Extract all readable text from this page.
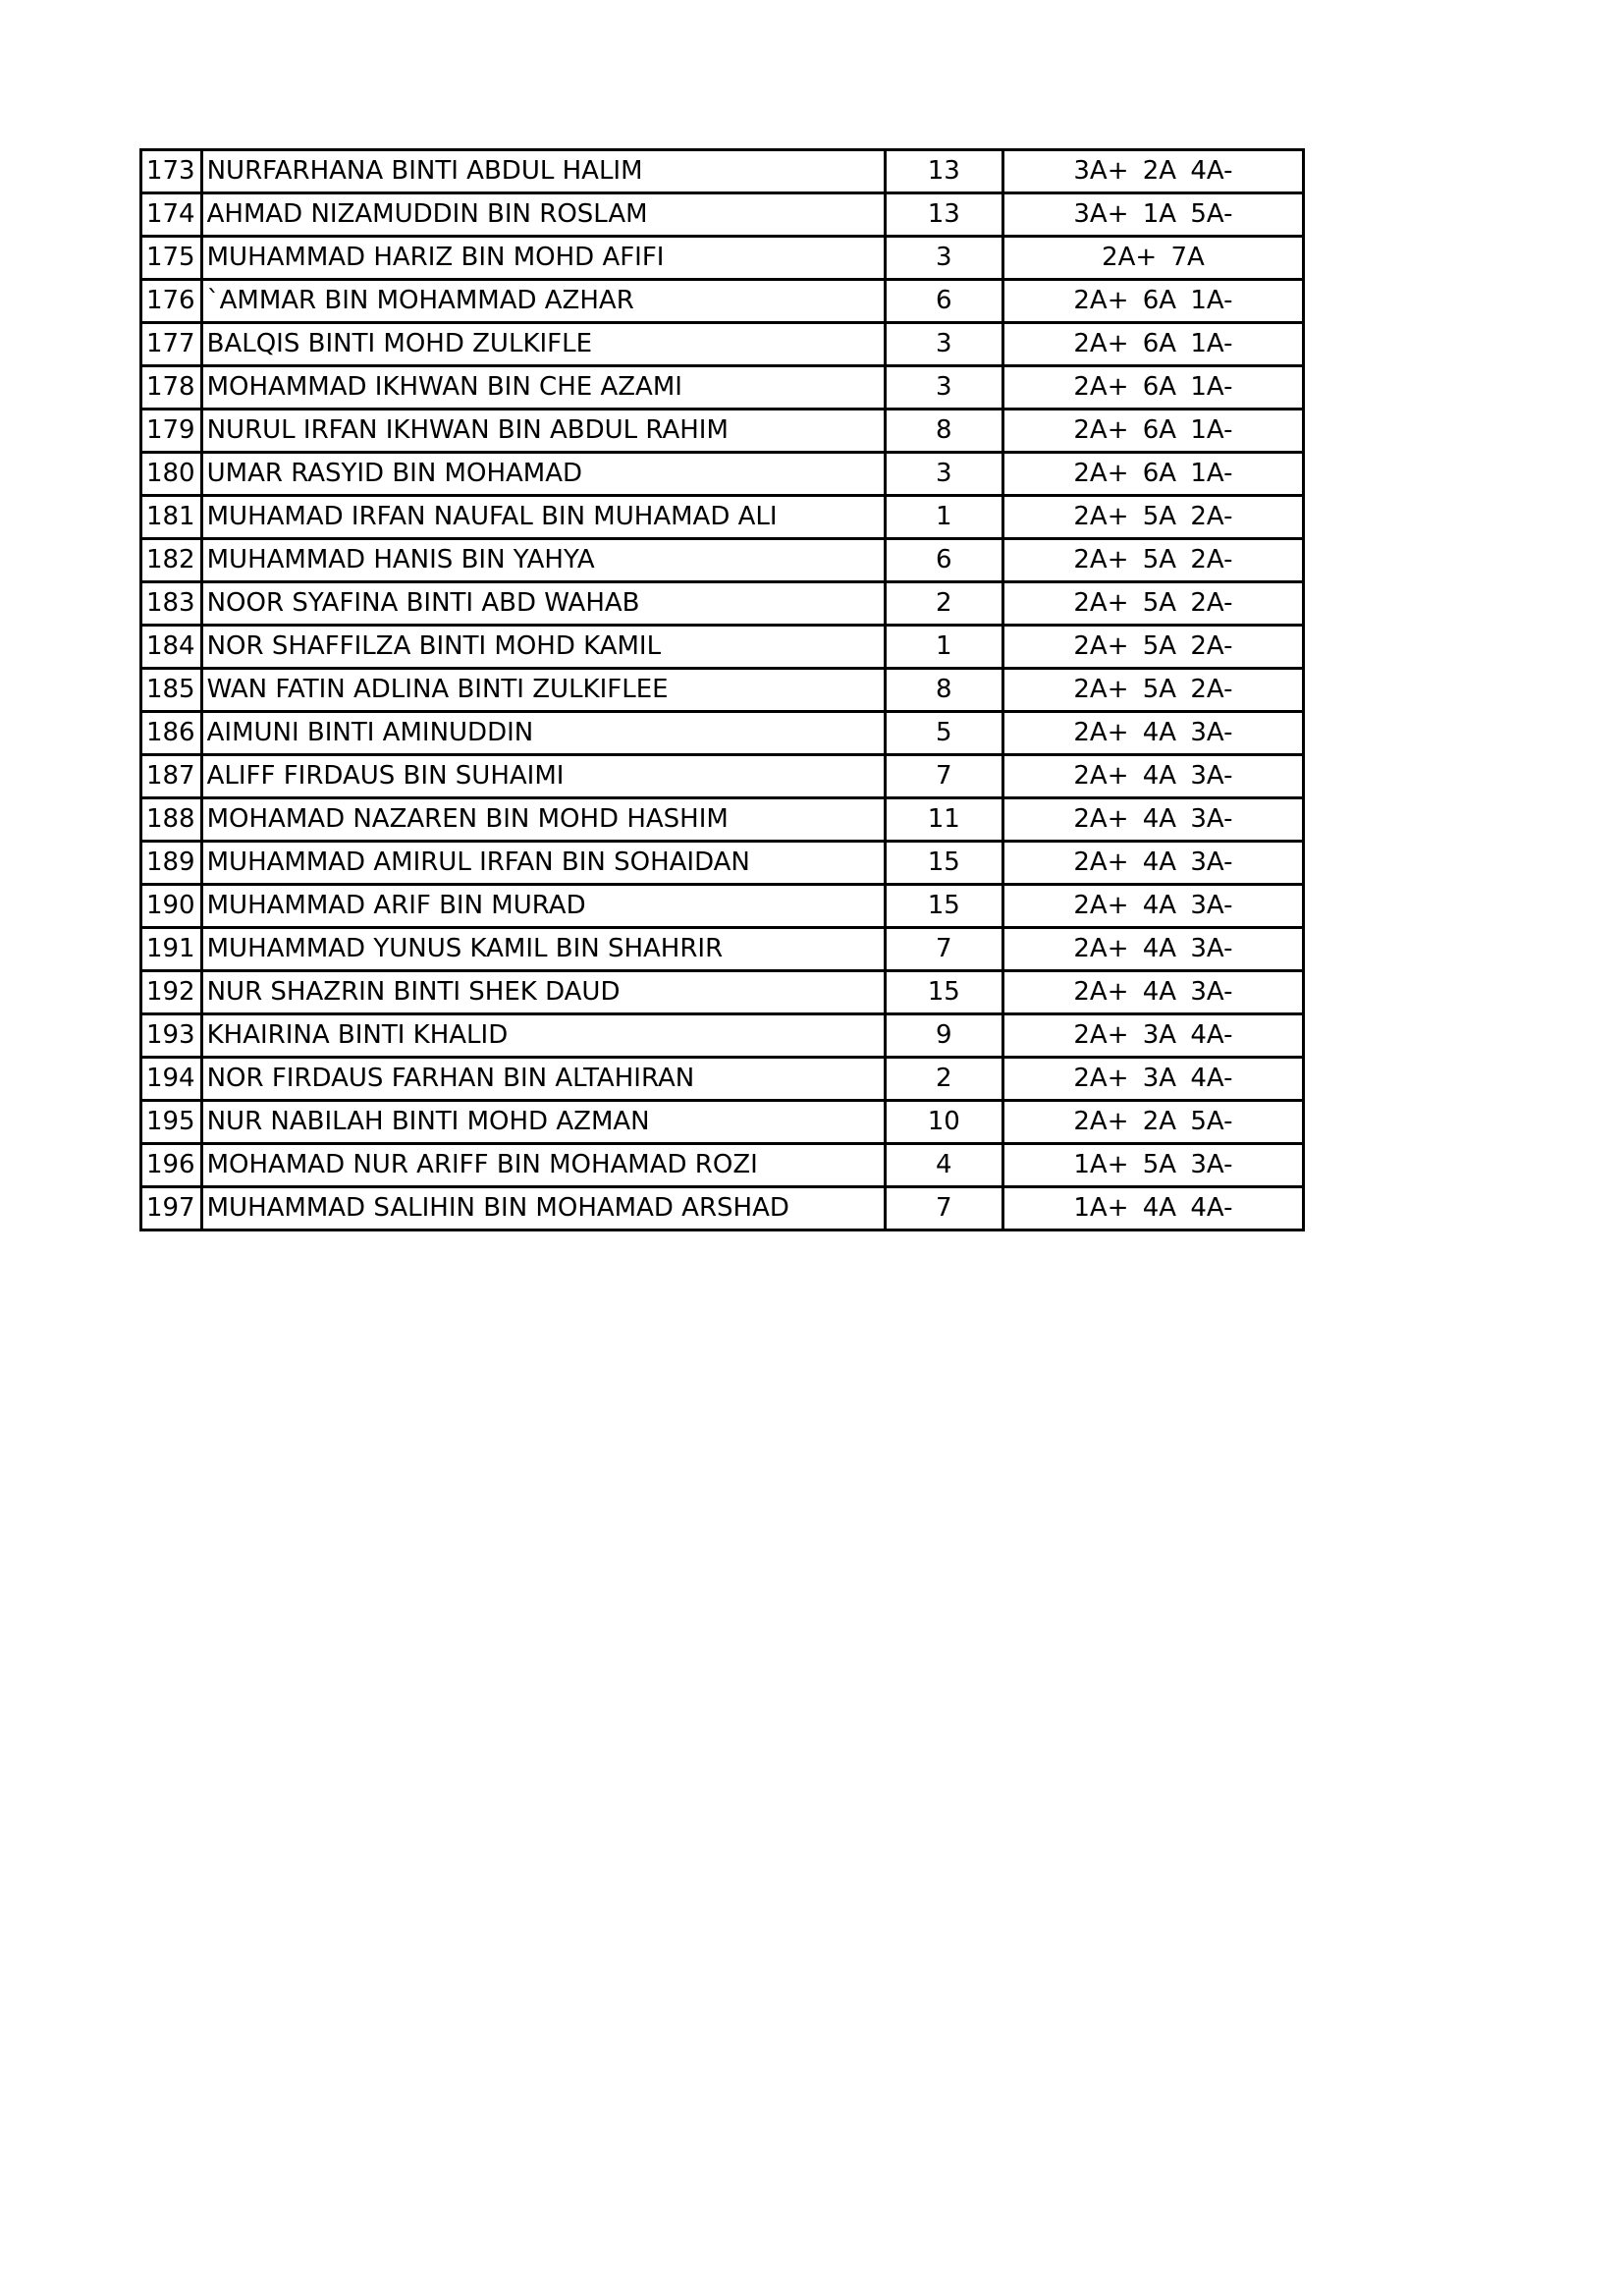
173	NURFARHANA BINTI ABDUL HALIM	13	3A+ 2A 4A-
174	AHMAD NIZAMUDDIN BIN ROSLAM	13	3A+ 1A 5A-
175	MUHAMMAD HARIZ BIN MOHD AFIFI	3	2A+ 7A
176	`AMMAR BIN MOHAMMAD AZHAR	6	2A+ 6A 1A-
177	BALQIS BINTI MOHD ZULKIFLE	3	2A+ 6A 1A-
178	MOHAMMAD IKHWAN BIN CHE AZAMI	3	2A+ 6A 1A-
179	NURUL IRFAN IKHWAN BIN ABDUL RAHIM	8	2A+ 6A 1A-
180	UMAR RASYID BIN MOHAMAD	3	2A+ 6A 1A-
181	MUHAMAD IRFAN NAUFAL BIN MUHAMAD ALI	1	2A+ 5A 2A-
182	MUHAMMAD HANIS BIN YAHYA	6	2A+ 5A 2A-
183	NOOR SYAFINA BINTI ABD WAHAB	2	2A+ 5A 2A-
184	NOR SHAFFILZA BINTI MOHD KAMIL	1	2A+ 5A 2A-
185	WAN FATIN ADLINA BINTI ZULKIFLEE	8	2A+ 5A 2A-
186	AIMUNI BINTI AMINUDDIN	5	2A+ 4A 3A-
187	ALIFF FIRDAUS BIN SUHAIMI	7	2A+ 4A 3A-
188	MOHAMAD NAZAREN BIN MOHD HASHIM	11	2A+ 4A 3A-
189	MUHAMMAD AMIRUL IRFAN BIN SOHAIDAN	15	2A+ 4A 3A-
190	MUHAMMAD ARIF BIN MURAD	15	2A+ 4A 3A-
191	MUHAMMAD YUNUS KAMIL BIN SHAHRIR	7	2A+ 4A 3A-
192	NUR SHAZRIN BINTI SHEK DAUD	15	2A+ 4A 3A-
193	KHAIRINA BINTI KHALID	9	2A+ 3A 4A-
194	NOR FIRDAUS FARHAN BIN ALTAHIRAN	2	2A+ 3A 4A-
195	NUR NABILAH BINTI MOHD AZMAN	10	2A+ 2A 5A-
196	MOHAMAD NUR ARIFF BIN MOHAMAD ROZI	4	1A+ 5A 3A-
197	MUHAMMAD SALIHIN BIN MOHAMAD ARSHAD	7	1A+ 4A 4A-
